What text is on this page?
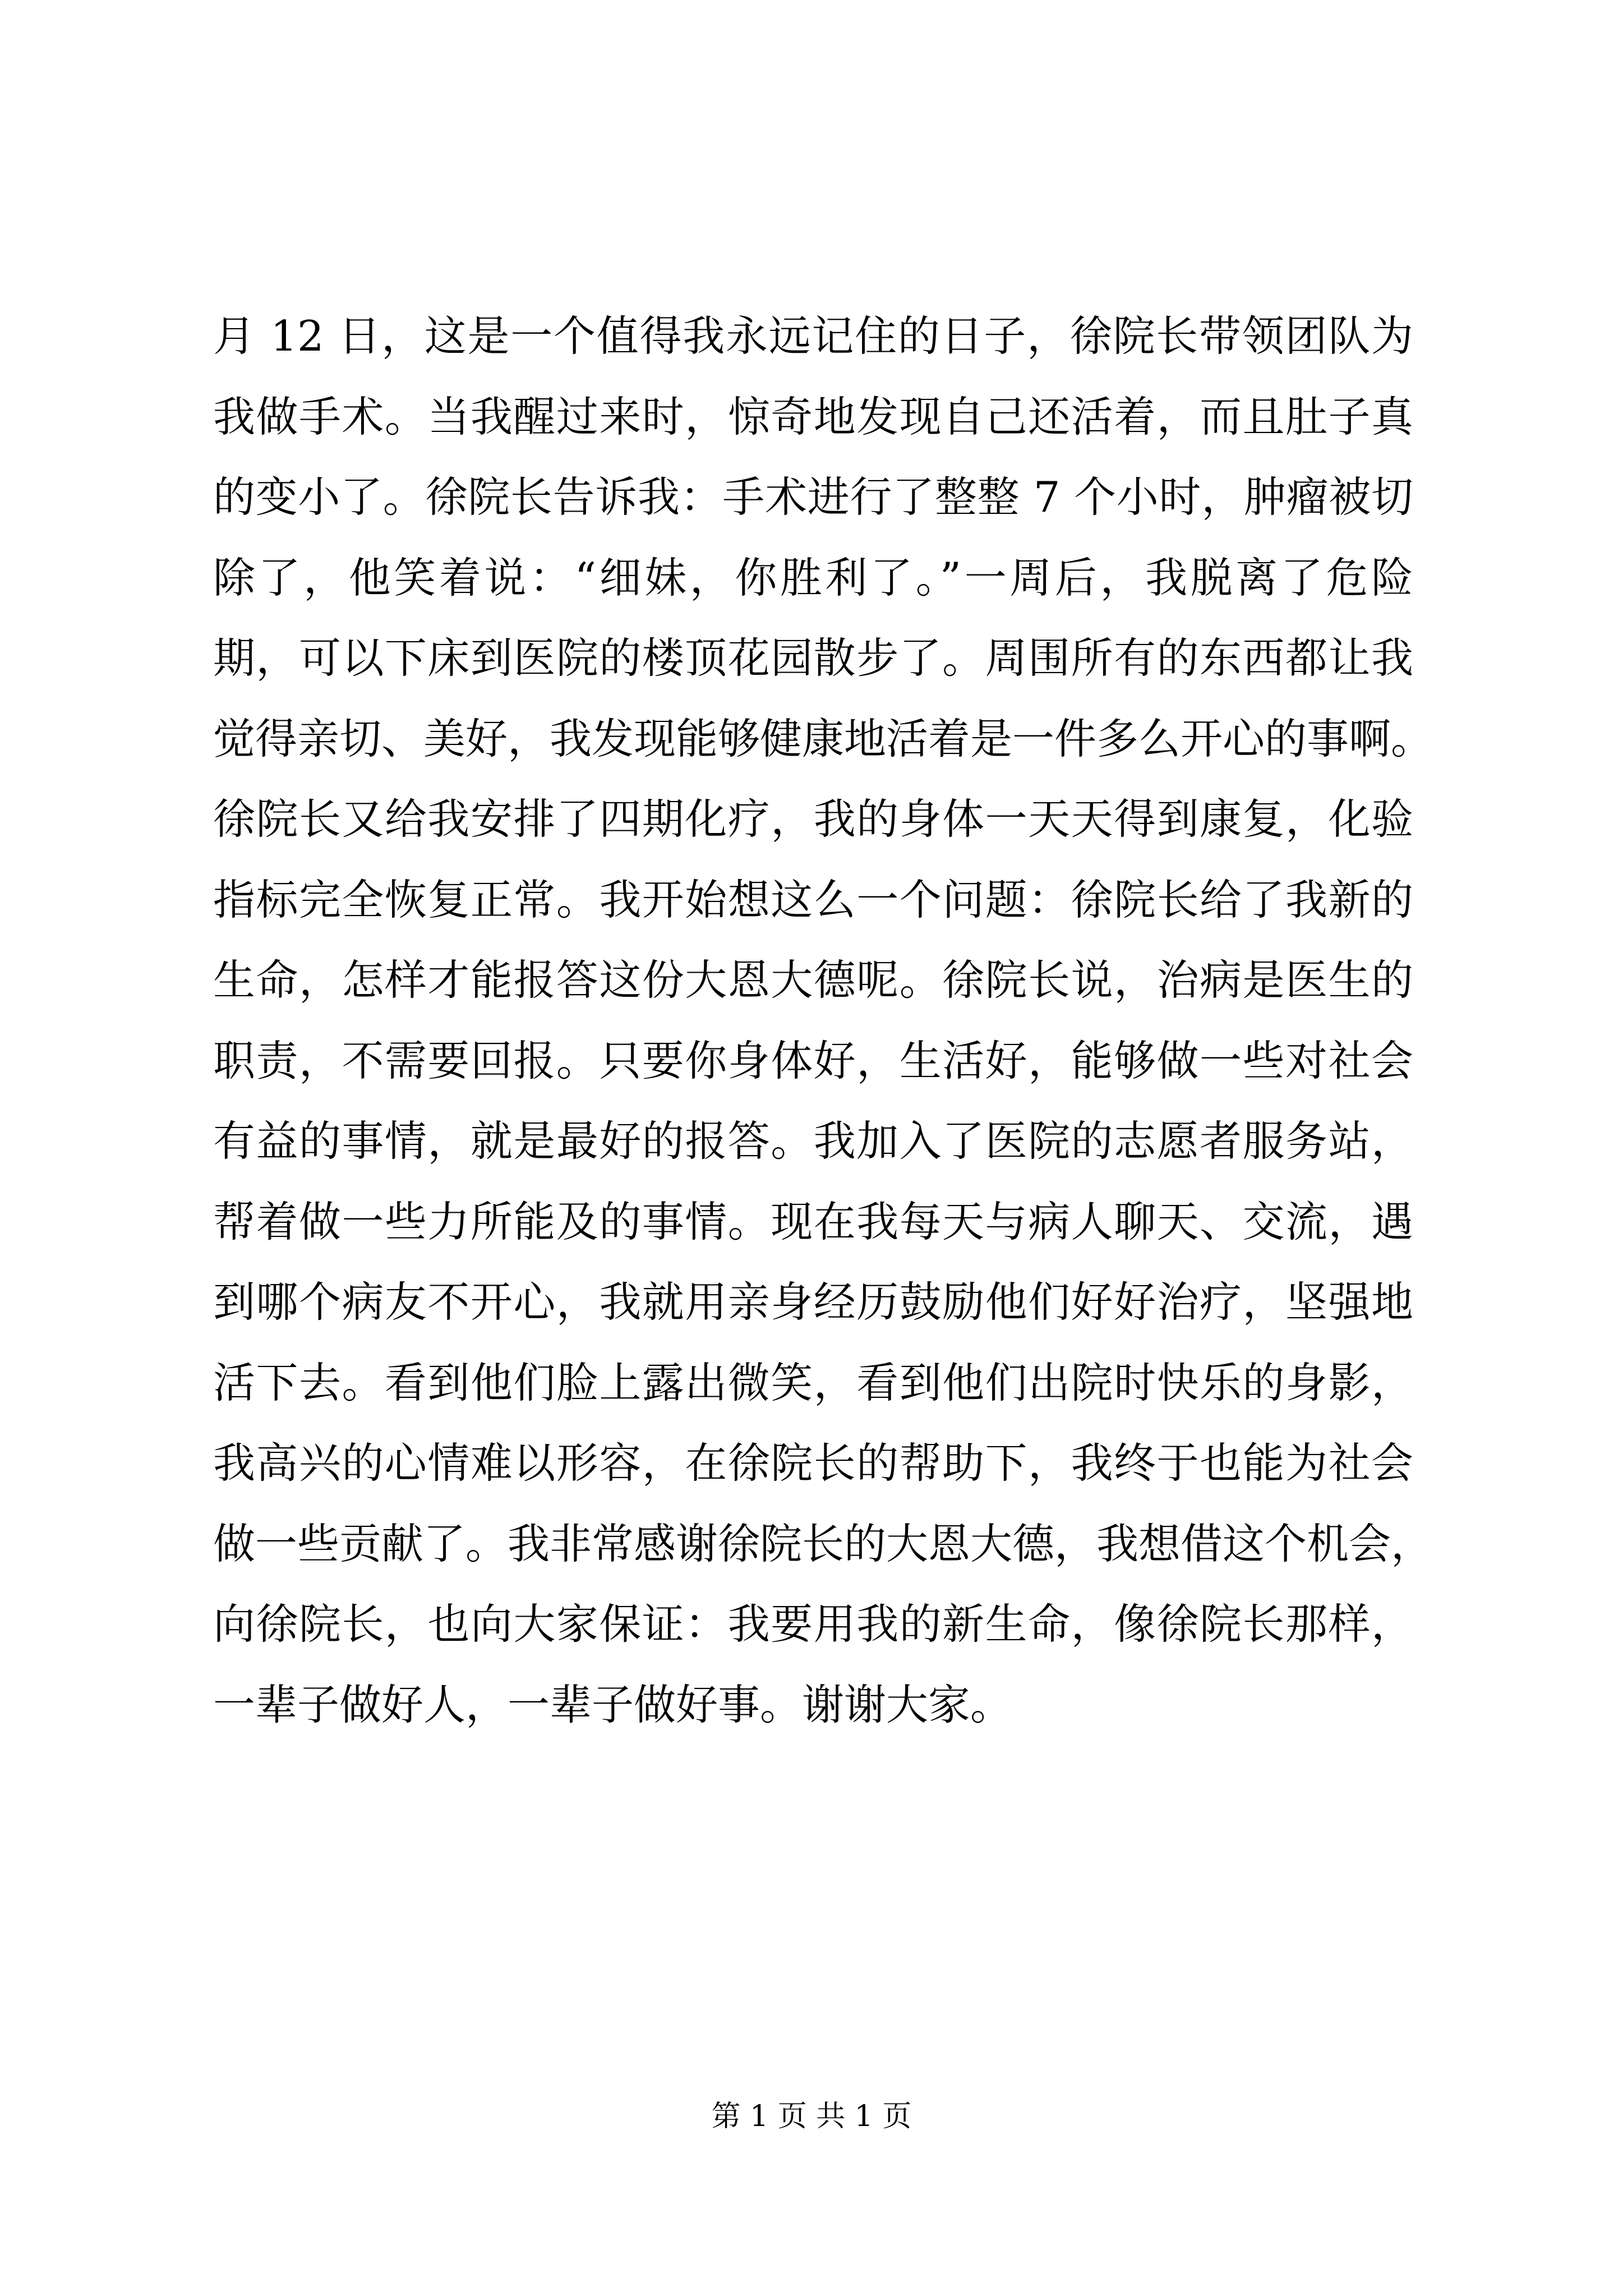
月 12 日，这是一个值得我永远记住的日子，徐院长带领团队为
我做手术。当我醒过来时，惊奇地发现自己还活着，而且肚子真
的变小了。徐院长告诉我：手术进行了整整 7 个小时，肿瘤被切
除了，他笑着说：“细妹，你胜利了。”一周后，我脱离了危险
期，可以下床到医院的楼顶花园散步了。周围所有的东西都让我
觉得亲切、美好，我发现能够健康地活着是一件多么开心的事啊。
徐院长又给我安排了四期化疗，我的身体一天天得到康复，化验
指标完全恢复正常。我开始想这么一个问题：徐院长给了我新的
生命，怎样才能报答这份大恩大德呢。徐院长说，治病是医生的
职责，不需要回报。只要你身体好，生活好，能够做一些对社会
有益的事情，就是最好的报答。我加入了医院的志愿者服务站，
帮着做一些力所能及的事情。现在我每天与病人聊天、交流，遇
到哪个病友不开心，我就用亲身经历鼓励他们好好治疗，坚强地
活下去。看到他们脸上露出微笑，看到他们出院时快乐的身影，
我高兴的心情难以形容，在徐院长的帮助下，我终于也能为社会
做一些贡献了。我非常感谢徐院长的大恩大德，我想借这个机会，
向徐院长，也向大家保证：我要用我的新生命，像徐院长那样，
一辈子做好人，一辈子做好事。谢谢大家。
第 1 页 共 1 页
